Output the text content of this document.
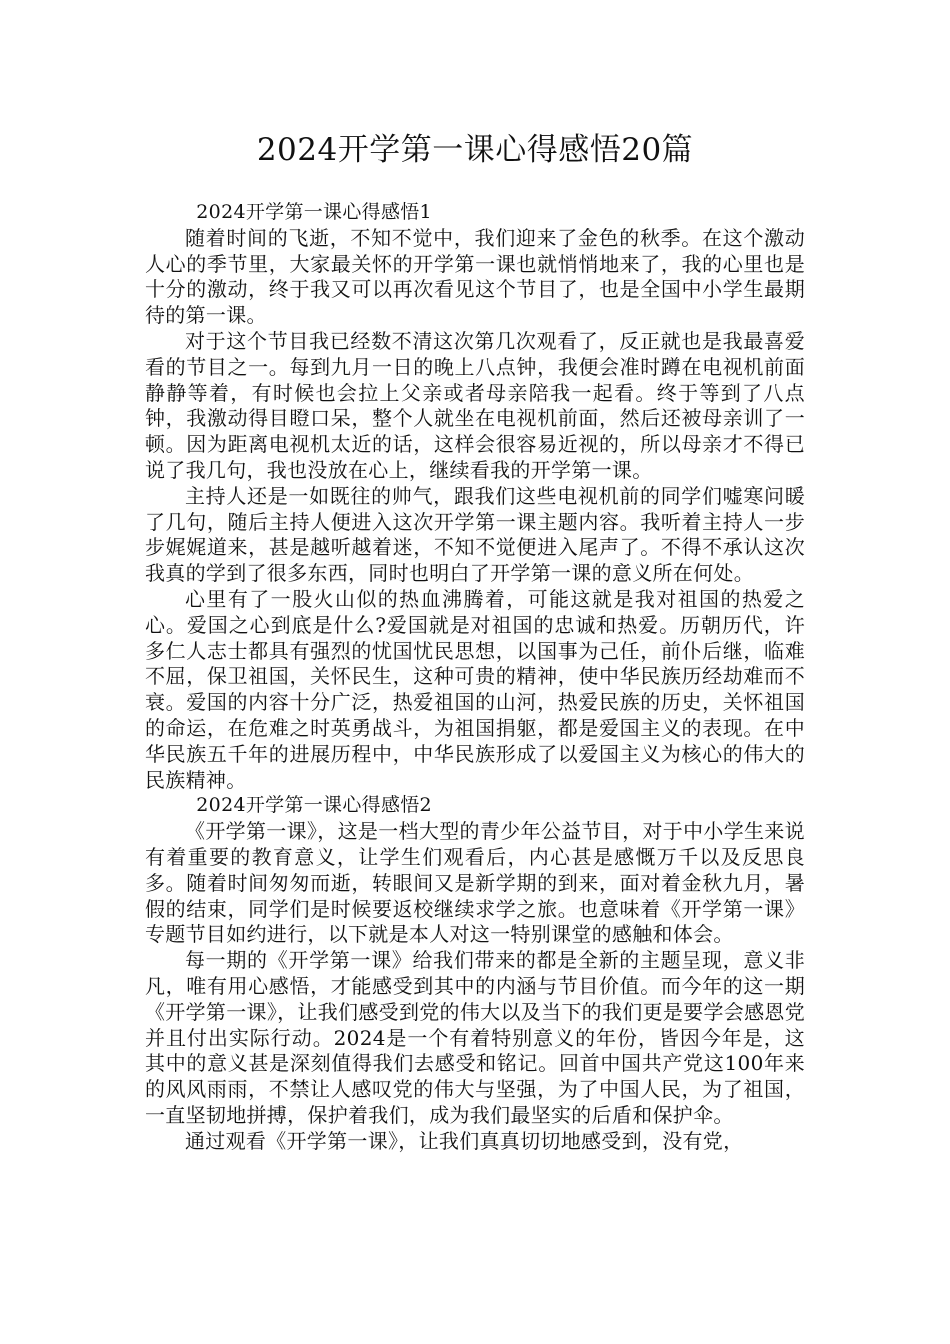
2024开学第一课心得感悟20篇

2024开学第一课心得感悟1

随着时间的飞逝，不知不觉中，我们迎来了金色的秋季。在这个激动人心的季节里，大家最关怀的开学第一课也就悄悄地来了，我的心里也是十分的激动，终于我又可以再次看见这个节目了，也是全国中小学生最期待的第一课。

对于这个节目我已经数不清这次第几次观看了，反正就也是我最喜爱看的节目之一。每到九月一日的晚上八点钟，我便会准时蹲在电视机前面静静等着，有时候也会拉上父亲或者母亲陪我一起看。终于等到了八点钟，我激动得目瞪口呆，整个人就坐在电视机前面，然后还被母亲训了一顿。因为距离电视机太近的话，这样会很容易近视的，所以母亲才不得已说了我几句，我也没放在心上，继续看我的开学第一课。

主持人还是一如既往的帅气，跟我们这些电视机前的同学们嘘寒问暖了几句，随后主持人便进入这次开学第一课主题内容。我听着主持人一步步娓娓道来，甚是越听越着迷，不知不觉便进入尾声了。不得不承认这次我真的学到了很多东西，同时也明白了开学第一课的意义所在何处。

心里有了一股火山似的热血沸腾着，可能这就是我对祖国的热爱之心。爱国之心到底是什么?爱国就是对祖国的忠诚和热爱。历朝历代，许多仁人志士都具有强烈的忧国忧民思想，以国事为己任，前仆后继，临难不屈，保卫祖国，关怀民生，这种可贵的精神，使中华民族历经劫难而不衰。爱国的内容十分广泛，热爱祖国的山河，热爱民族的历史，关怀祖国的命运，在危难之时英勇战斗，为祖国捐躯，都是爱国主义的表现。在中华民族五千年的进展历程中，中华民族形成了以爱国主义为核心的伟大的民族精神。

2024开学第一课心得感悟2

《开学第一课》，这是一档大型的青少年公益节目，对于中小学生来说有着重要的教育意义，让学生们观看后，内心甚是感慨万千以及反思良多。随着时间匆匆而逝，转眼间又是新学期的到来，面对着金秋九月，暑假的结束，同学们是时候要返校继续求学之旅。也意味着《开学第一课》专题节目如约进行，以下就是本人对这一特别课堂的感触和体会。

每一期的《开学第一课》给我们带来的都是全新的主题呈现，意义非凡，唯有用心感悟，才能感受到其中的内涵与节目价值。而今年的这一期《开学第一课》，让我们感受到党的伟大以及当下的我们更是要学会感恩党并且付出实际行动。2024是一个有着特别意义的年份，皆因今年是，这其中的意义甚是深刻值得我们去感受和铭记。回首中国共产党这100年来的风风雨雨，不禁让人感叹党的伟大与坚强，为了中国人民，为了祖国，一直坚韧地拼搏，保护着我们，成为我们最坚实的后盾和保护伞。

通过观看《开学第一课》，让我们真真切切地感受到，没有党，
